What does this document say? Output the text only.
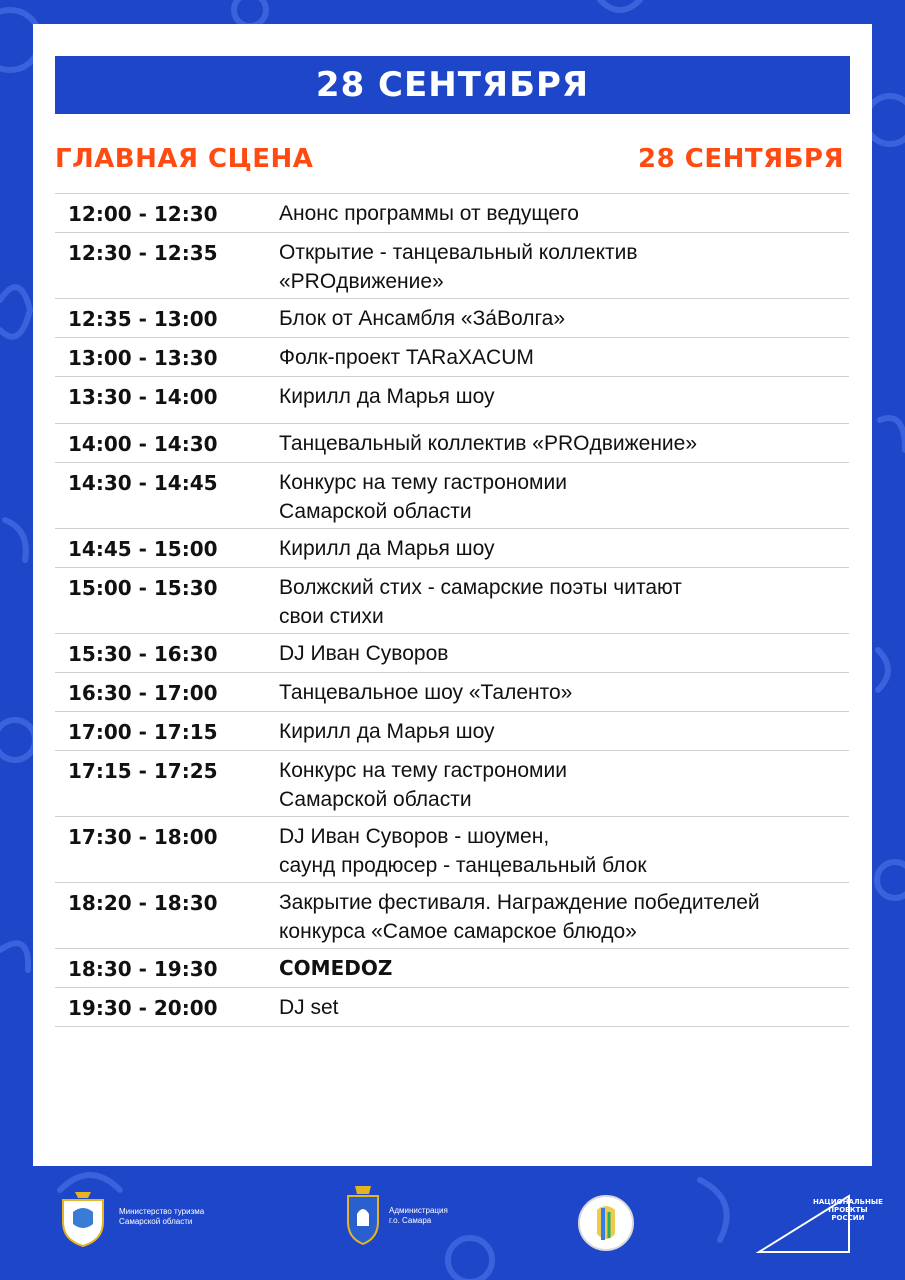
28 СЕНТЯБРЯ
ГЛАВНАЯ СЦЕНА	28 СЕНТЯБРЯ
12:00 - 12:30	Анонс программы от ведущего
12:30 - 12:35	Открытие - танцевальный коллектив
«PROдвижение»
12:35 - 13:00	Блок от Ансамбля «За́Волга»
13:00 - 13:30	Фолк-проект TARaXACUM
13:30 - 14:00	Кирилл да Марья шоу
14:00 - 14:30	Танцевальный коллектив «PROдвижение»
14:30 - 14:45	Конкурс на тему гастрономии
Самарской области
14:45 - 15:00	Кирилл да Марья шоу
15:00 - 15:30	Волжский стих - самарские поэты читают
свои стихи
15:30 - 16:30	DJ Иван Суворов
16:30 - 17:00	Танцевальное шоу «Таленто»
17:00 - 17:15	Кирилл да Марья шоу
17:15 - 17:25	Конкурс на тему гастрономии
Самарской области
17:30 - 18:00	DJ Иван Суворов - шоумен,
саунд продюсер - танцевальный блок
18:20 - 18:30	Закрытие фестиваля. Награждение победителей
конкурса «Самое самарское блюдо»
18:30 - 19:30	COMEDOZ
19:30 - 20:00	DJ set
Министерство туризма
Самарской области
Администрация
г.о. Самара
НАЦИОНАЛЬНЫЕ ПРОЕКТЫ РОССИИ
